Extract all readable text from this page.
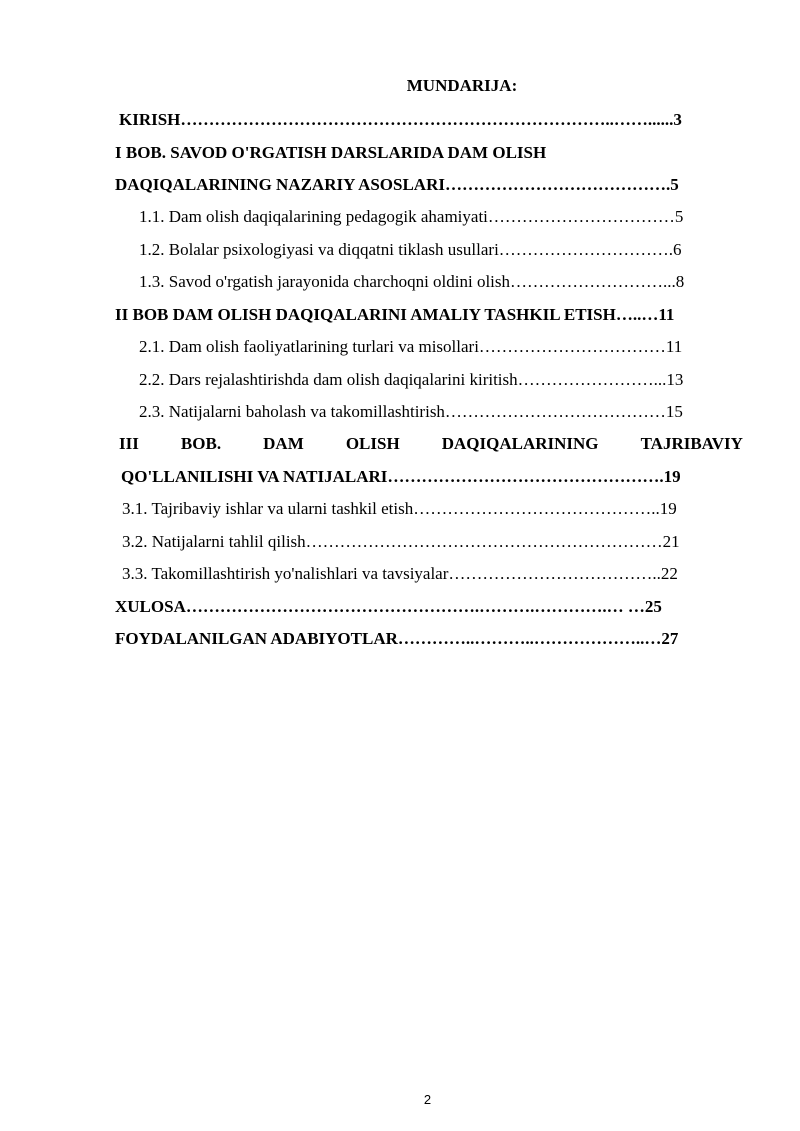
MUNDARIJA:
KIRISH…………………………………………………………………..……......3
I BOB. SAVOD O'RGATISH DARSLARIDA DAM OLISH
DAQIQALARINING NAZARIY ASOSLARI………………………………….5
1.1. Dam olish daqiqalarining pedagogik ahamiyati……………………………5
1.2. Bolalar psixologiyasi va diqqatni tiklash usullari………………………….6
1.3. Savod o'rgatish jarayonida charchoqni oldini olish………………………...8
II BOB DAM OLISH DAQIQALARINI AMALIY TASHKIL ETISH…..…11
2.1. Dam olish faoliyatlarining turlari va misollari……………………………11
2.2. Dars rejalashtirishda dam olish daqiqalarini kiritish……………………...13
2.3. Natijalarni baholash va takomillashtirish…………………………………15
III BOB. DAM OLISH DAQIQALARINING TAJRIBAVIY
QO'LLANILISHI VA NATIJALARI………………………………………….19
3.1. Tajribaviy ishlar va ularni tashkil etish……………………………………..19
3.2. Natijalarni tahlil qilish………………………………………………………21
3.3. Takomillashtirish yo'nalishlari va tavsiyalar………………………………..22
XULOSA…………………………………………….……….………….… …25
FOYDALANILGAN ADABIYOTLAR…………..………..………………..…27
2
